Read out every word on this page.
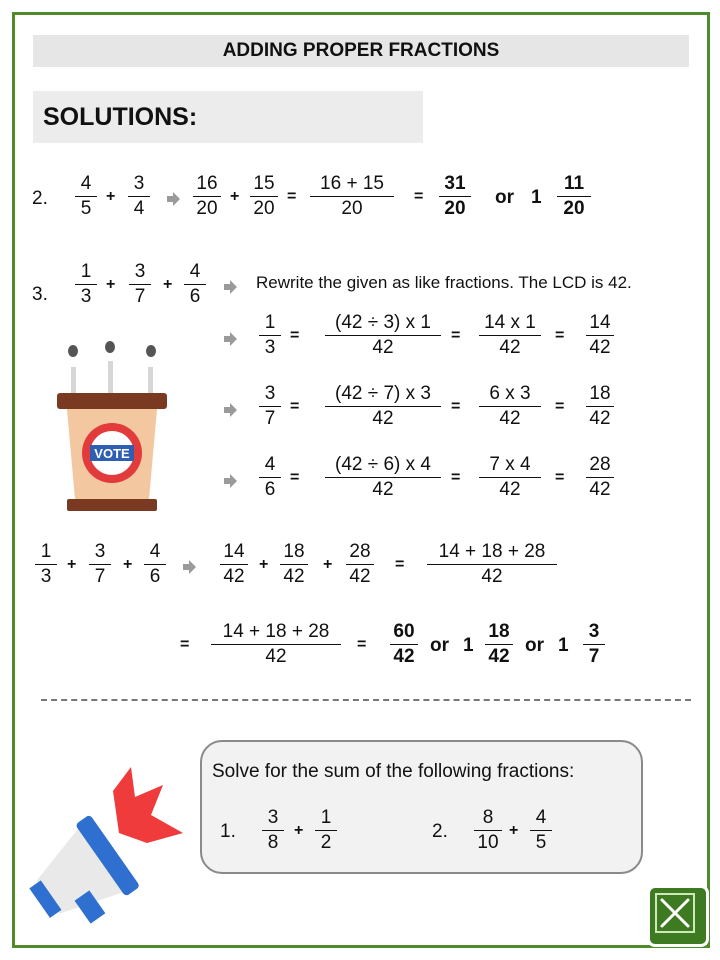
ADDING PROPER FRACTIONS
SOLUTIONS:
2. $\frac{4}{5} + \frac{3}{4} \frac{16}{20} + \frac{15}{20} = \frac{16 + 15}{20} = \frac{31}{20}$ or $1 \frac{11}{20}$
3. $\frac{1}{3} + \frac{3}{7} + \frac{4}{6}$	Rewrite the given as like fractions. The LCD is 42.
$\frac{1}{3} = \frac{(42 \div 3) x 1}{42} = \frac{14 x 1}{42} = \frac{14}{42}$
$\frac{3}{7} = \frac{(42 \div 7) x 3}{42} = \frac{6 x 3}{42} = \frac{18}{42}$
$\frac{4}{6} = \frac{(42 \div 6) x 4}{42} = \frac{7 x 4}{42} = \frac{28}{42}$
$\frac{1}{3} + \frac{3}{7} + \frac{4}{6}$	$\frac{14}{42} + \frac{18}{42} + \frac{28}{42} = \frac{14 + 18 + 28}{42}$
= $\frac{14 + 18 + 28}{42} = \frac{60}{42}$ or $1 \frac{18}{42}$ or $1 \frac{3}{7}$
VOTE
Solve for the sum of the following fractions:
1. $\frac{3}{8} + \frac{1}{2}$	2. $\frac{8}{10} + \frac{4}{5}$
